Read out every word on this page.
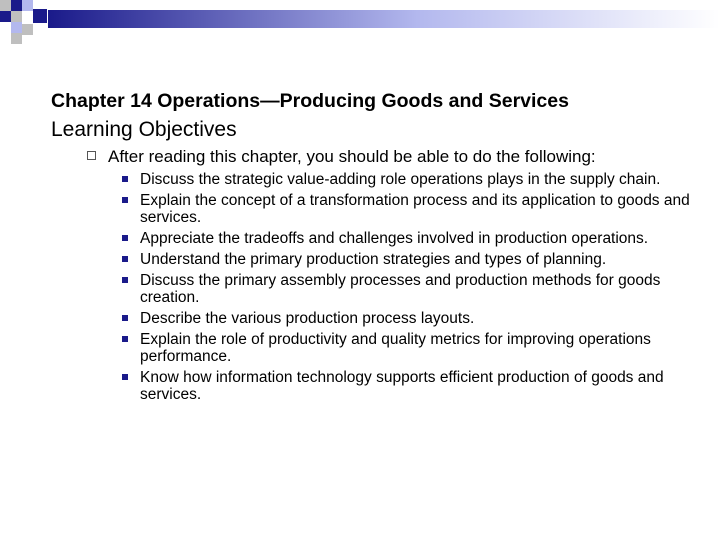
Chapter 14 Operations—Producing Goods and Services
Learning Objectives
After reading this chapter, you should be able to do the following:
Discuss the strategic value-adding role operations plays in the supply chain.
Explain the concept of a transformation process and its application to goods and services.
Appreciate the tradeoffs and challenges involved in production operations.
Understand the primary production strategies and types of planning.
Discuss the primary assembly processes and production methods for goods creation.
Describe the various production process layouts.
Explain the role of productivity and quality metrics for improving operations performance.
Know how information technology supports efficient production of goods and services.
